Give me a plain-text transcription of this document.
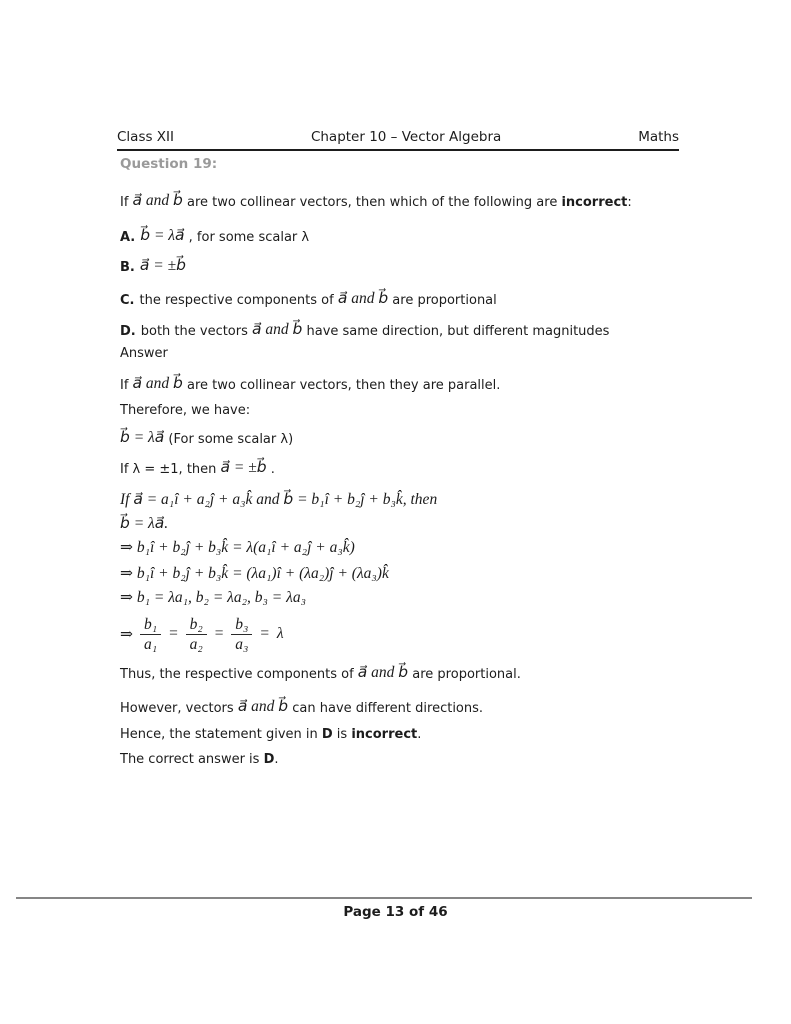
Class XII	Chapter 10 – Vector Algebra	Maths
Question 19:

If a⃗ and b⃗ are two collinear vectors, then which of the following are incorrect:

A. b⃗ = λa⃗ , for some scalar λ

B. a⃗ = ±b⃗

C. the respective components of a⃗ and b⃗ are proportional

D. both the vectors a⃗ and b⃗ have same direction, but different magnitudes

Answer

If a⃗ and b⃗ are two collinear vectors, then they are parallel.

Therefore, we have:

b⃗ = λa⃗ (For some scalar λ)

If λ = ±1, then a⃗ = ±b⃗ .

If a⃗ = a₁î + a₂ĵ + a₃k̂ and b⃗ = b₁î + b₂ĵ + b₃k̂, then

b⃗ = λa⃗.

⇒ b₁î + b₂ĵ + b₃k̂ = λ(a₁î + a₂ĵ + a₃k̂)

⇒ b₁î + b₂ĵ + b₃k̂ = (λa₁)î + (λa₂)ĵ + (λa₃)k̂

⇒ b₁ = λa₁, b₂ = λa₂, b₃ = λa₃

⇒ $\frac{\text{b₁}}{\text{a₁}} = \frac{\text{b₂}}{\text{a₂}} = \frac{\text{b₃}}{\text{a₃}} = \lambda$

Thus, the respective components of a⃗ and b⃗ are proportional.

However, vectors a⃗ and b⃗ can have different directions.

Hence, the statement given in D is incorrect.

The correct answer is D.

Page 13 of 46
